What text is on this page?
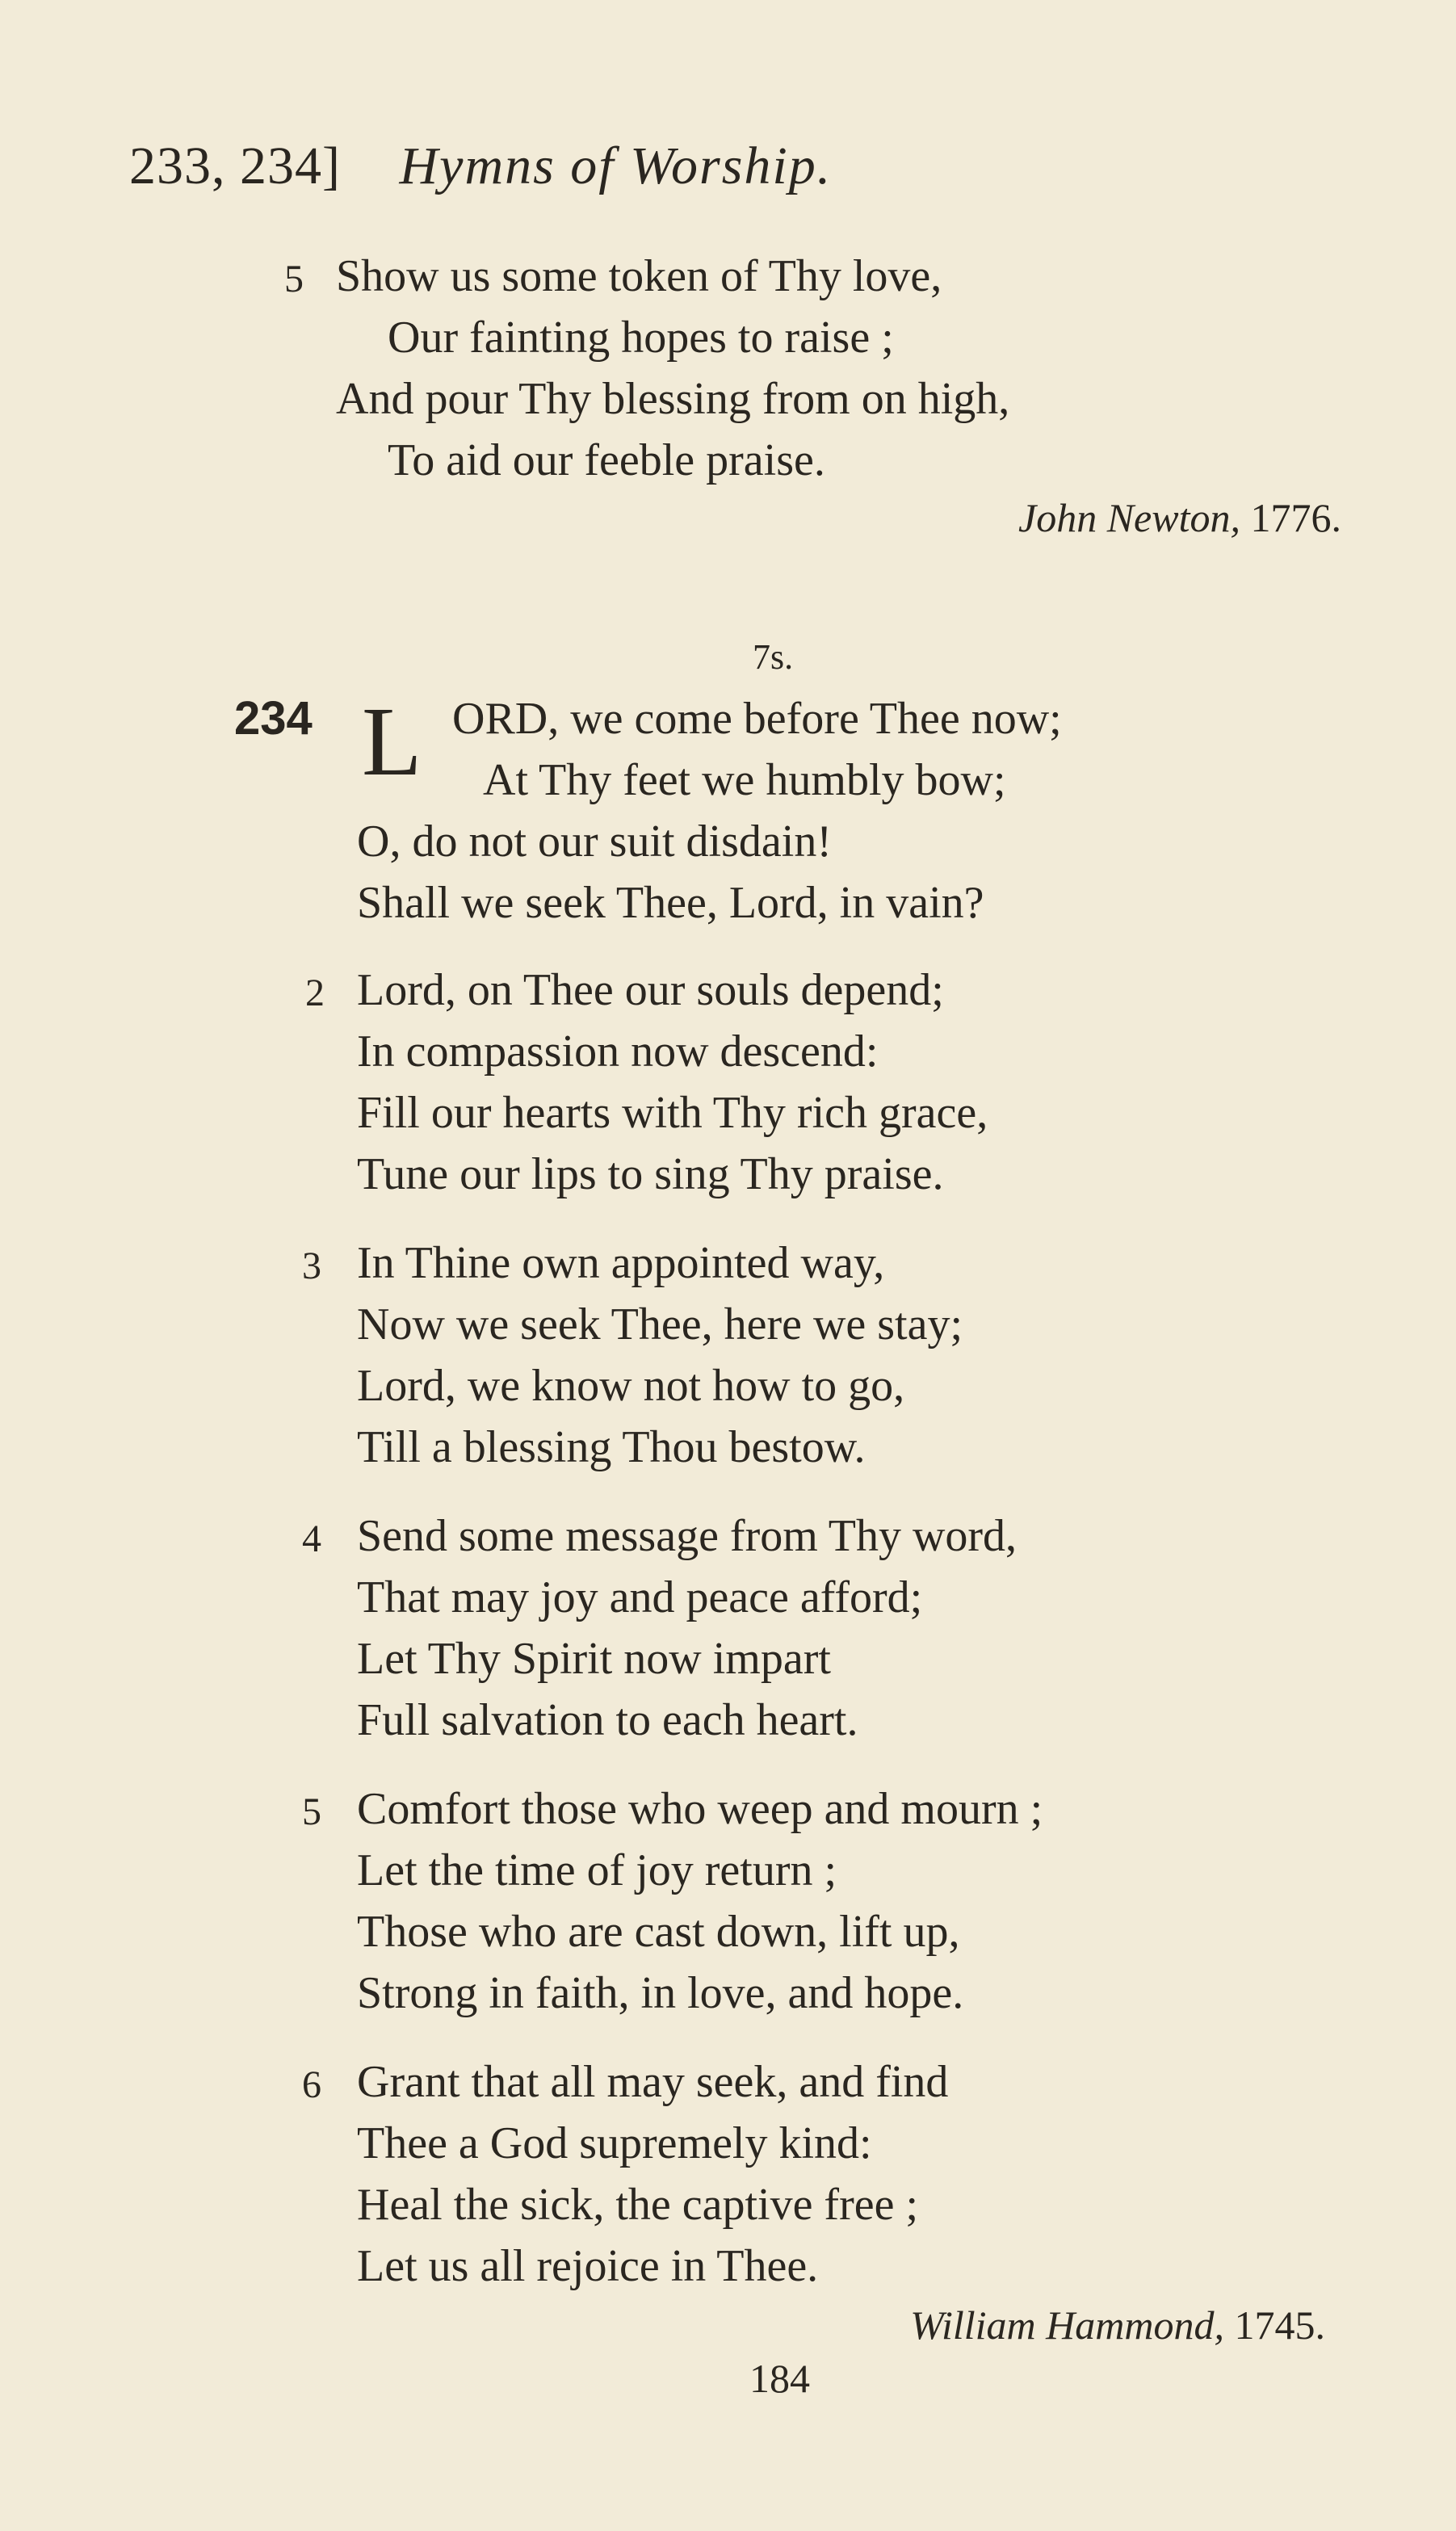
233, 234] Hymns of Worship.
5 Show us some token of Thy love,
Our fainting hopes to raise ;
And pour Thy blessing from on high,
To aid our feeble praise.
John Newton, 1776.
7s.
234 L ORD, we come before Thee now;
At Thy feet we humbly bow;
O, do not our suit disdain!
Shall we seek Thee, Lord, in vain?
2 Lord, on Thee our souls depend;
In compassion now descend:
Fill our hearts with Thy rich grace,
Tune our lips to sing Thy praise.
3 In Thine own appointed way,
Now we seek Thee, here we stay;
Lord, we know not how to go,
Till a blessing Thou bestow.
4 Send some message from Thy word,
That may joy and peace afford;
Let Thy Spirit now impart
Full salvation to each heart.
5 Comfort those who weep and mourn ;
Let the time of joy return ;
Those who are cast down, lift up,
Strong in faith, in love, and hope.
6 Grant that all may seek, and find
Thee a God supremely kind:
Heal the sick, the captive free ;
Let us all rejoice in Thee.
William Hammond, 1745.
184
